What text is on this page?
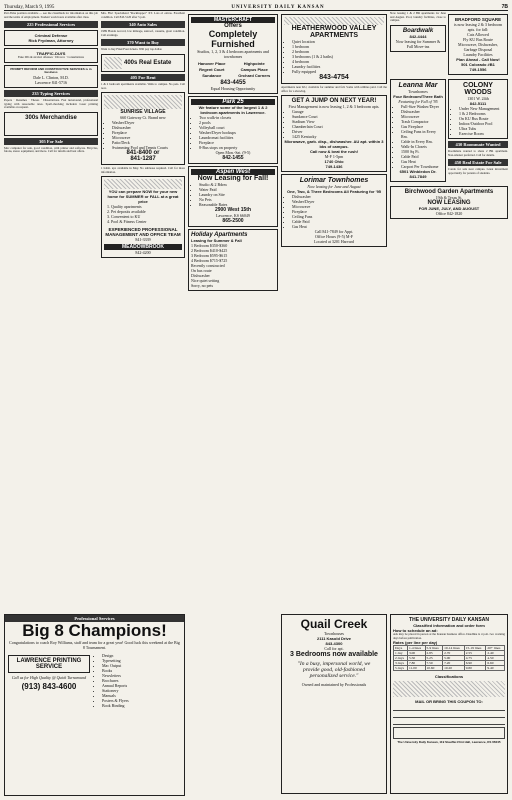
Thursday, March 9, 1995	UNIVERSITY DAILY KANSAN	7B
Part-Time position available — see the classifieds for information on this job and the terms of employment. Student work hours available after class.
225 Professional Services
Criminal Defense
Rick Frydman, Attorney
TRAFFIC-DUI'S
Fake ID's & alcohol offenses · Divorce · Consultations
PROMPT REFORM AND CONSTRUCTIVE SERVICES is in business
Dale L. Clinton, M.D.
Lawrence 841-5716
235 Typing Services
Papers · Resumes · Theses · Dissertations. Fast turnaround, professional typing with reasonable rates. Spell-checking included. Laser printing available on request.
300s Merchandise
305 For Sale
Mac computer for sale, good condition, with printer and software. Bicycles, futons, stereo equipment, and more. Call for details and best offers.
Mrs. Fitz: Specialized "Rockhopper" XT. Lots of extras. Excellent condition. Call 843-5120 after 5 p.m.
340 Auto Sales
1989 Honda Accord, low mileage, sunroof, cassette, great condition. Call evenings.
370 Want to Buy
Want to buy Final Four tickets. Will pay top dollar.
400s Real Estate
405 For Rent
1 & 2 bedroom apartments available. Walk to campus. No pets. Call now.
SUNRISE VILLAGE
660 Gateway Ct. Brand new
• Washer/Dryer
• Dishwasher
• Fireplace
• Microwave
• Patio/Deck
• Swimming Pool and Tennis Courts
841-8400 or
841-1287
1 bdrm. apt. available in May. No sublease required. Call for more information.
YOU can prepare NOW for your new home for SUMMER or FALL at a great price
1. Quality apartments
2. Pet deposits available
3. Convenient to KU
4. Pool & Fitness Center
EXPERIENCED PROFESSIONAL MANAGEMENT AND OFFICE TEAM
841-3339
MEADOWBROOK
842-4200
MASTERCRAFT
Offers
Completely
Furnished
Studios, 1, 2, 3 & 4 bedroom apartments and townhomes
Hanover Place	Highpointe
Regent Court	Campus Place
Sundance	Orchard Corners
843-4455
Equal Housing Opportunity
Park 25
We feature some of the largest 1 & 2 bedroom apartments in Lawrence.
• Two walk-in closets
• 2 pools
• Volleyball court
• Washer/Dryer hookups
• Laundromat facilities
• Fireplace
• 8-Bus stops on property
Open Mon.-Sat. (9-5)
842-1455
Aspen West
Now Leasing for Fall!
• Studio & 2 Bdrm
• Water Paid
• Laundry on Site
• No Pets
• Reasonable Rates
2900 West 15th
Lawrence, KS 66049
865-2500
Holiday Apartments
Leasing for Summer & Fall
1 Bedroom $350-$360
2 Bedroom $410-$425
3 Bedroom $595-$615
4 Bedroom $715-$725
Recently constructed
On bus route
Dishwasher
Nice quiet setting
Sorry, no pets
HEATHERWOOD VALLEY APARTMENTS
• Quiet location
• 1 bedroom
• 2 bedroom
• 3 bedrooms (1 & 2 baths)
• 4 bedroom
• Laundry facilities
• Fully equipped
843-4754
Apartments near KU, available for summer and fall. Some with utilities paid. Call the office for a showing.
GET A JUMP ON NEXT YEAR!
First Management is now leasing 1, 2 & 3 bedroom apts.
• Garage
• Sundance Court
• Stadium View
• Chamberlain Court
• Driver
• 1425 Kentucky
Microwave, garb. disp., dishwasher. AU apt. within 3 bks of campus.
Call now & beat the rush!
M-F 1-5pm
1740 Ohio
749-1436
Lorimar Townhomes
Now leasing for June and August
One, Two, & Three Bedrooms All Featuring for '95
• Dishwasher
• Washer/Dryer
• Microwave
• Fireplace
• Ceiling Fans
• Cable Paid
• Gas Heat
Call 841-7849 for Appt.
Office Hours (9-5) M-F
Located at 3201 Harvard
Now leasing 1 & 2 BR apartments for June and August. Pool, laundry facilities, close to campus.
Boardwalk
842-4444
Now leasing for Summer & Fall Move-ins
BRADFORD SQUARE
is now leasing 2 & 3 bedroom apts. for fall:
Cats Allowed
Fly KU Bus Route
Microwave, Dishwasher, Garbage Disposal
Laundry Facilities
Plan Ahead - Call Now!
501 Colorado #B1
749-1556
Leanna Mar
Townhomes
Four Bedroom/Three Bath
Featuring for Fall of '95
• Full-Size Washer/Dryer
• Dishwasher
• Microwave
• Trash Compactor
• Gas Fireplace
• Ceiling Fans in Every Rm.
• Cable in Every Rm.
• Walk-In Closets
• 1500 Sq Ft.
• Cable Paid
• Gas Heat
• Carport Per Townhome
6501 Winbledon Dr.
841-7849
COLONY WOODS
1301 W. 24th
842-5111
• Under New Management
• 1 & 2 Bedrooms
• On KU Bus Route
• Indoor/Outdoor Pool
• Ultra Tubs
• Exercise Room
430 Roommate Wanted
Roommate wanted to share 2 BR apartment. Non-smoker preferred. Call for details.
450 Real Estate For Sale
Condo for sale near campus. Great investment opportunity for parents of students.
Birchwood Garden Apartments
19th & Texas St.
NOW LEASING
FOR JUNE, JULY, AND AUGUST
Office 842-1820
Professional Services
Big 8 Champions!
Congratulations to coach Roy Williams, staff and team for a great year! Good luck this weekend at the Big 8 Tournament.
LAWRENCE PRINTING SERVICE
Call us for High Quality @ Quick Turnaround
(913) 843-4600
• Design
• Typesetting
• Mac Output
• Books
• Newsletters
• Brochures
• Annual Reports
• Stationery
• Manuals
• Posters & Flyers
• Book Binding
Quail Creek
Townhouses
2111 Kasold Drive
843-4300
Call for apt.
3 Bedrooms now available
"In a busy, impersonal world, we provide good, old-fashioned personalized service."
Owned and maintained by Professionals
THE UNIVERSITY DAILY KANSAN
Classified information and order form
How to schedule an ad:
Ads may be placed in person at the Kansan business office. Deadline is 4 p.m. two working days before publication.
Rates (per line per day)
Days	1-4 lines	5-9 lines	10-14 lines	15-19 lines	20+ lines
1 day	3.00	2.85	2.70	2.55	2.40
2 days	5.50	5.25	5.00	4.75	4.50
3 days	7.80	7.50	7.20	6.90	6.60
5 days	11.00	10.60	10.20	9.80	9.40
Classifications
MAIL OR BRING THIS COUPON TO:
The University Daily Kansan, 119 Stauffer-Flint Hall, Lawrence, KS 66045
